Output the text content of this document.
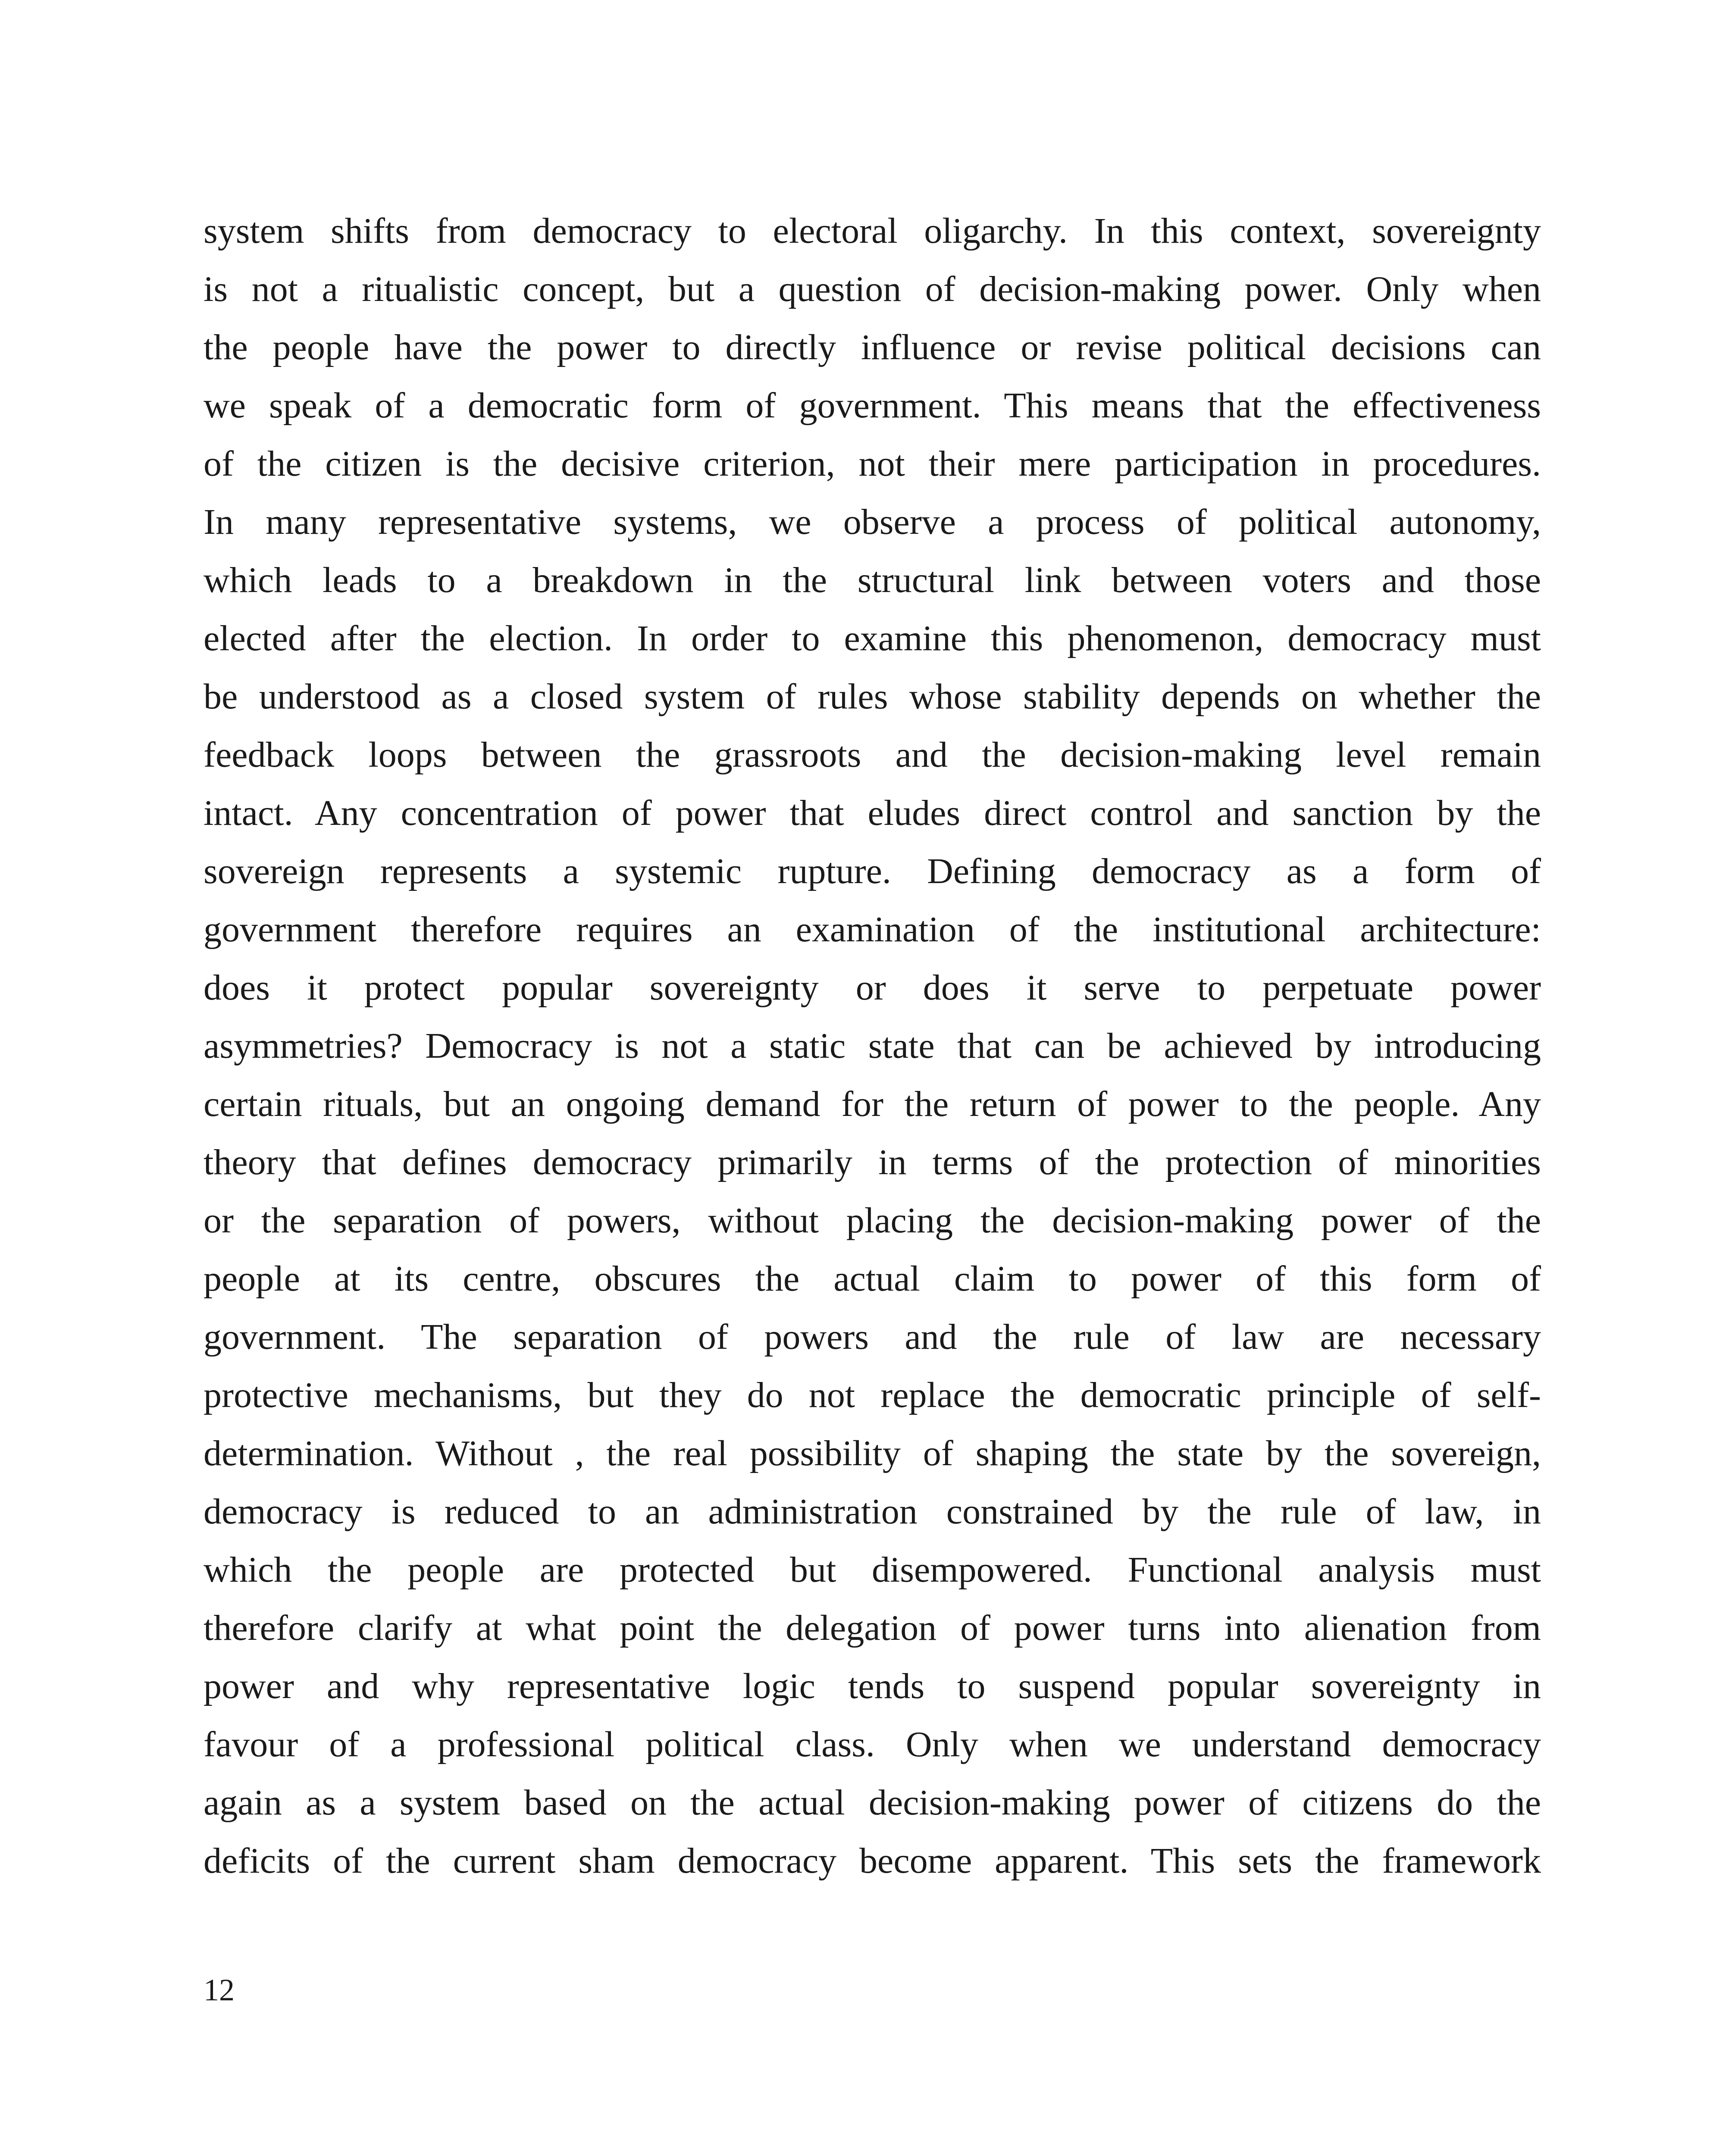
system shifts from democracy to electoral oligarchy. In this context, sovereignty
is not a ritualistic concept, but a question of decision-making power. Only when
the people have the power to directly influence or revise political decisions can
we speak of a democratic form of government. This means that the effectiveness
of the citizen is the decisive criterion, not their mere participation in procedures.
In many representative systems, we observe a process of political autonomy,
which leads to a breakdown in the structural link between voters and those
elected after the election. In order to examine this phenomenon, democracy must
be understood as a closed system of rules whose stability depends on whether the
feedback loops between the grassroots and the decision-making level remain
intact. Any concentration of power that eludes direct control and sanction by the
sovereign represents a systemic rupture. Defining democracy as a form of
government therefore requires an examination of the institutional architecture:
does it protect popular sovereignty or does it serve to perpetuate power
asymmetries? Democracy is not a static state that can be achieved by introducing
certain rituals, but an ongoing demand for the return of power to the people. Any
theory that defines democracy primarily in terms of the protection of minorities
or the separation of powers, without placing the decision-making power of the
people at its centre, obscures the actual claim to power of this form of
government. The separation of powers and the rule of law are necessary
protective mechanisms, but they do not replace the democratic principle of self-
determination. Without , the real possibility of shaping the state by the sovereign,
democracy is reduced to an administration constrained by the rule of law, in
which the people are protected but disempowered. Functional analysis must
therefore clarify at what point the delegation of power turns into alienation from
power and why representative logic tends to suspend popular sovereignty in
favour of a professional political class. Only when we understand democracy
again as a system based on the actual decision-making power of citizens do the
deficits of the current sham democracy become apparent. This sets the framework
12
